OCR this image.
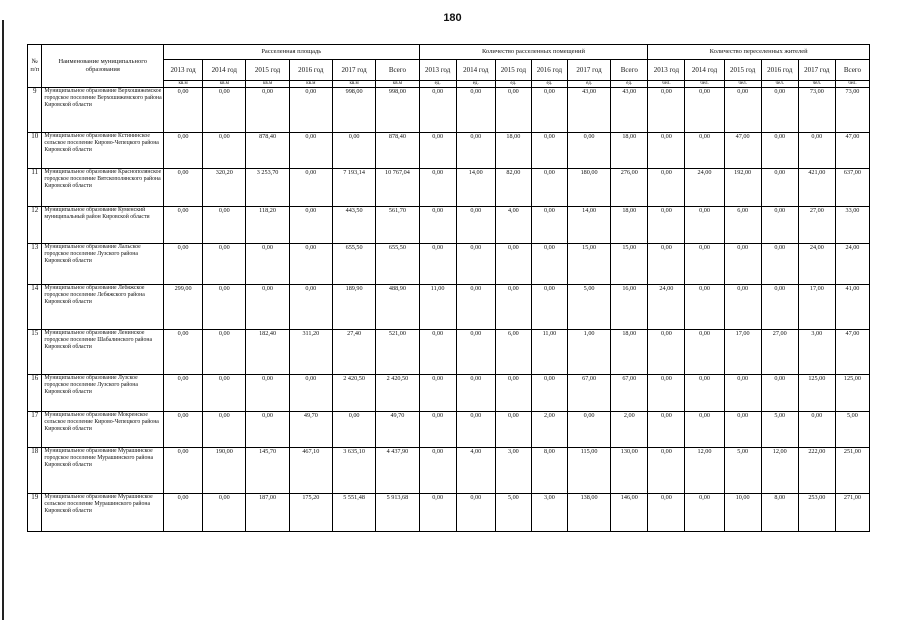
180
№ п/п	Наименование муниципального образования	Расселенная площадь						Количество расселенных помещений						Количество переселенных жителей					
		2013 год	2014 год	2015 год	2016 год	2017 год	Всего	2013 год	2014 год	2015 год	2016 год	2017 год	Всего	2013 год	2014 год	2015 год	2016 год	2017 год	Всего
		кв.м	кв.м	кв.м	кв.м	кв.м	кв.м	ед.	ед.	ед.	ед.	ед.	ед.	чел.	чел.	чел.	чел.	чел.	чел.
9	Муниципальное образование Верхошижемское городское поселение Верхошижемского района Кировской области	0,00	0,00	0,00	0,00	998,00	998,00	0,00	0,00	0,00	0,00	43,00	43,00	0,00	0,00	0,00	0,00	73,00	73,00
10	Муниципальное образование Кстининское сельское поселение Кирово-Чепецкого района Кировской области	0,00	0,00	878,40	0,00	0,00	878,40	0,00	0,00	18,00	0,00	0,00	18,00	0,00	0,00	47,00	0,00	0,00	47,00
11	Муниципальное образование Краснополянское городское поселение Вятскополянского района Кировской области	0,00	320,20	3 253,70	0,00	7 193,14	10 767,04	0,00	14,00	82,00	0,00	180,00	276,00	0,00	24,00	192,00	0,00	421,00	637,00
12	Муниципальное образование Куменский муниципальный район Кировской области	0,00	0,00	118,20	0,00	443,50	561,70	0,00	0,00	4,00	0,00	14,00	18,00	0,00	0,00	6,00	0,00	27,00	33,00
13	Муниципальное образование Лальское городское поселение Лузского района Кировской области	0,00	0,00	0,00	0,00	655,50	655,50	0,00	0,00	0,00	0,00	15,00	15,00	0,00	0,00	0,00	0,00	24,00	24,00
14	Муниципальное образование Лебяжское городское поселение Лебяжского района Кировской области	299,00	0,00	0,00	0,00	189,90	488,90	11,00	0,00	0,00	0,00	5,00	16,00	24,00	0,00	0,00	0,00	17,00	41,00
15	Муниципальное образование Ленинское городское поселение Шабалинского района Кировской области	0,00	0,00	182,40	311,20	27,40	521,00	0,00	0,00	6,00	11,00	1,00	18,00	0,00	0,00	17,00	27,00	3,00	47,00
16	Муниципальное образование Лузское городское поселение Лузского района Кировской области	0,00	0,00	0,00	0,00	2 420,50	2 420,50	0,00	0,00	0,00	0,00	67,00	67,00	0,00	0,00	0,00	0,00	125,00	125,00
17	Муниципальное образование Мокренское сельское поселение Кирово-Чепецкого района Кировской области	0,00	0,00	0,00	49,70	0,00	49,70	0,00	0,00	0,00	2,00	0,00	2,00	0,00	0,00	0,00	5,00	0,00	5,00
18	Муниципальное образование Мурашинское городское поселение Мурашинского района Кировской области	0,00	190,00	145,70	467,10	3 635,10	4 437,90	0,00	4,00	3,00	8,00	115,00	130,00	0,00	12,00	5,00	12,00	222,00	251,00
19	Муниципальное образование Мурашинское сельское поселение Мурашинского района Кировской области	0,00	0,00	187,00	175,20	5 551,48	5 913,68	0,00	0,00	5,00	3,00	138,00	146,00	0,00	0,00	10,00	8,00	253,00	271,00
